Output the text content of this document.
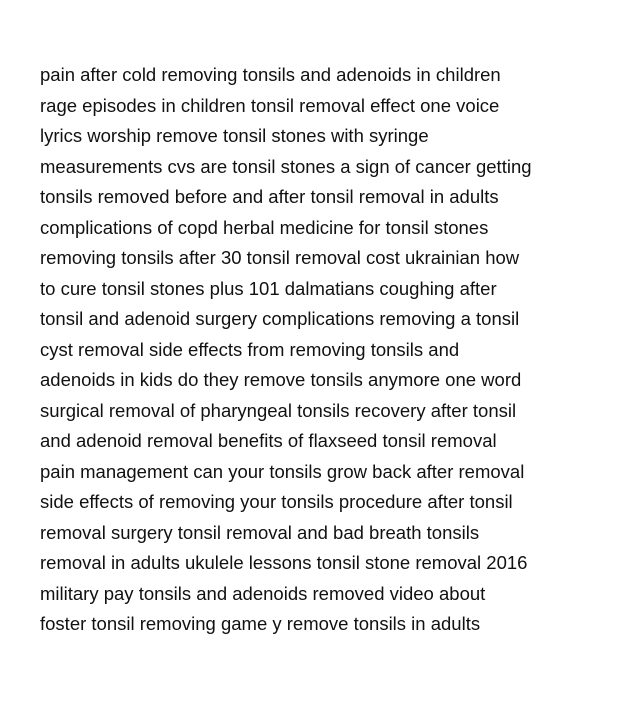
pain after cold removing tonsils and adenoids in children
rage episodes in children tonsil removal effect one voice
lyrics worship remove tonsil stones with syringe
measurements cvs are tonsil stones a sign of cancer getting
tonsils removed before and after tonsil removal in adults
complications of copd herbal medicine for tonsil stones
removing tonsils after 30 tonsil removal cost ukrainian how
to cure tonsil stones plus 101 dalmatians coughing after
tonsil and adenoid surgery complications removing a tonsil
cyst removal side effects from removing tonsils and
adenoids in kids do they remove tonsils anymore one word
surgical removal of pharyngeal tonsils recovery after tonsil
and adenoid removal benefits of flaxseed tonsil removal
pain management can your tonsils grow back after removal
side effects of removing your tonsils procedure after tonsil
removal surgery tonsil removal and bad breath tonsils
removal in adults ukulele lessons tonsil stone removal 2016
military pay tonsils and adenoids removed video about
foster tonsil removing game y remove tonsils in adults
